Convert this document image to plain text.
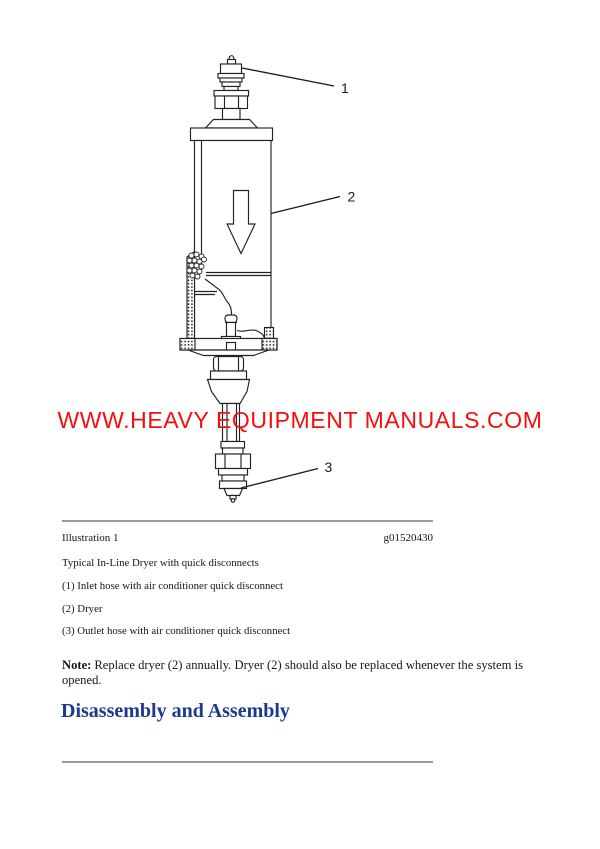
1
2
3
WWW.HEAVY EQUIPMENT MANUALS.COM
Illustration 1	g01520430
Typical In-Line Dryer with quick disconnects
(1) Inlet hose with air conditioner quick disconnect
(2) Dryer
(3) Outlet hose with air conditioner quick disconnect
Note: Replace dryer (2) annually. Dryer (2) should also be replaced whenever the system is
opened.
Disassembly and Assembly
